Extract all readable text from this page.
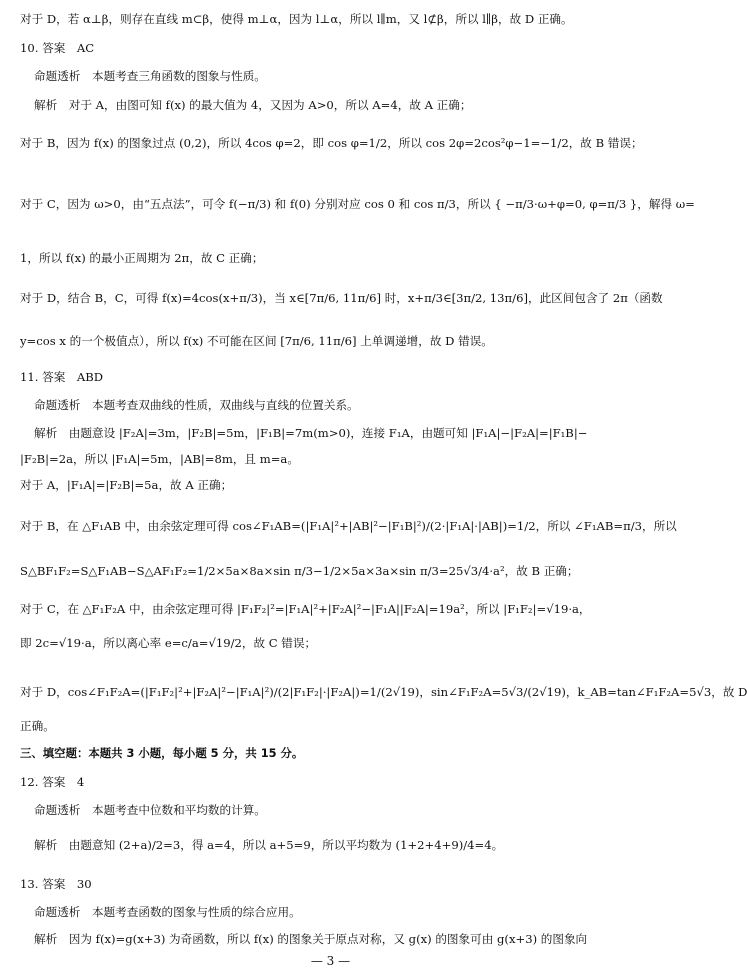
对于 D，若 α⊥β，则存在直线 m⊂β，使得 m⊥α，因为 l⊥α，所以 l∥m，又 l⊄β，所以 l∥β，故 D 正确。
10. 答案　AC
命题透析　本题考查三角函数的图象与性质。
解析　对于 A，由图可知 f(x) 的最大值为 4，又因为 A>0，所以 A=4，故 A 正确；
对于 B，因为 f(x) 的图象过点 (0,2)，所以 4cos φ=2，即 cos φ=1/2，所以 cos 2φ=2cos²φ−1=−1/2，故 B 错误；
对于 C，因为 ω>0，由“五点法”，可令 f(−π/3) 和 f(0) 分别对应 cos 0 和 cos π/3，所以 { −π/3·ω+φ=0, φ=π/3 }，解得 ω=
1，所以 f(x) 的最小正周期为 2π，故 C 正确；
对于 D，结合 B，C，可得 f(x)=4cos(x+π/3)，当 x∈[7π/6, 11π/6] 时，x+π/3∈[3π/2, 13π/6]，此区间包含了 2π（函数
y=cos x 的一个极值点），所以 f(x) 不可能在区间 [7π/6, 11π/6] 上单调递增，故 D 错误。
11. 答案　ABD
命题透析　本题考查双曲线的性质，双曲线与直线的位置关系。
解析　由题意设 |F₂A|=3m，|F₂B|=5m，|F₁B|=7m(m>0)，连接 F₁A，由题可知 |F₁A|−|F₂A|=|F₁B|−
|F₂B|=2a，所以 |F₁A|=5m，|AB|=8m，且 m=a。
对于 A，|F₁A|=|F₂B|=5a，故 A 正确；
对于 B，在 △F₁AB 中，由余弦定理可得 cos∠F₁AB=(|F₁A|²+|AB|²−|F₁B|²)/(2·|F₁A|·|AB|)=1/2，所以 ∠F₁AB=π/3，所以
S△BF₁F₂=S△F₁AB−S△AF₁F₂=1/2×5a×8a×sin π/3−1/2×5a×3a×sin π/3=25√3/4·a²，故 B 正确；
对于 C，在 △F₁F₂A 中，由余弦定理可得 |F₁F₂|²=|F₁A|²+|F₂A|²−|F₁A||F₂A|=19a²，所以 |F₁F₂|=√19·a，
即 2c=√19·a，所以离心率 e=c/a=√19/2，故 C 错误；
对于 D，cos∠F₁F₂A=(|F₁F₂|²+|F₂A|²−|F₁A|²)/(2|F₁F₂|·|F₂A|)=1/(2√19)，sin∠F₁F₂A=5√3/(2√19)，k_AB=tan∠F₁F₂A=5√3，故 D
正确。
三、填空题：本题共 3 小题，每小题 5 分，共 15 分。
12. 答案　4
命题透析　本题考查中位数和平均数的计算。
解析　由题意知 (2+a)/2=3，得 a=4，所以 a+5=9，所以平均数为 (1+2+4+9)/4=4。
13. 答案　30
命题透析　本题考查函数的图象与性质的综合应用。
解析　因为 f(x)=g(x+3) 为奇函数，所以 f(x) 的图象关于原点对称，又 g(x) 的图象可由 g(x+3) 的图象向
— 3 —
